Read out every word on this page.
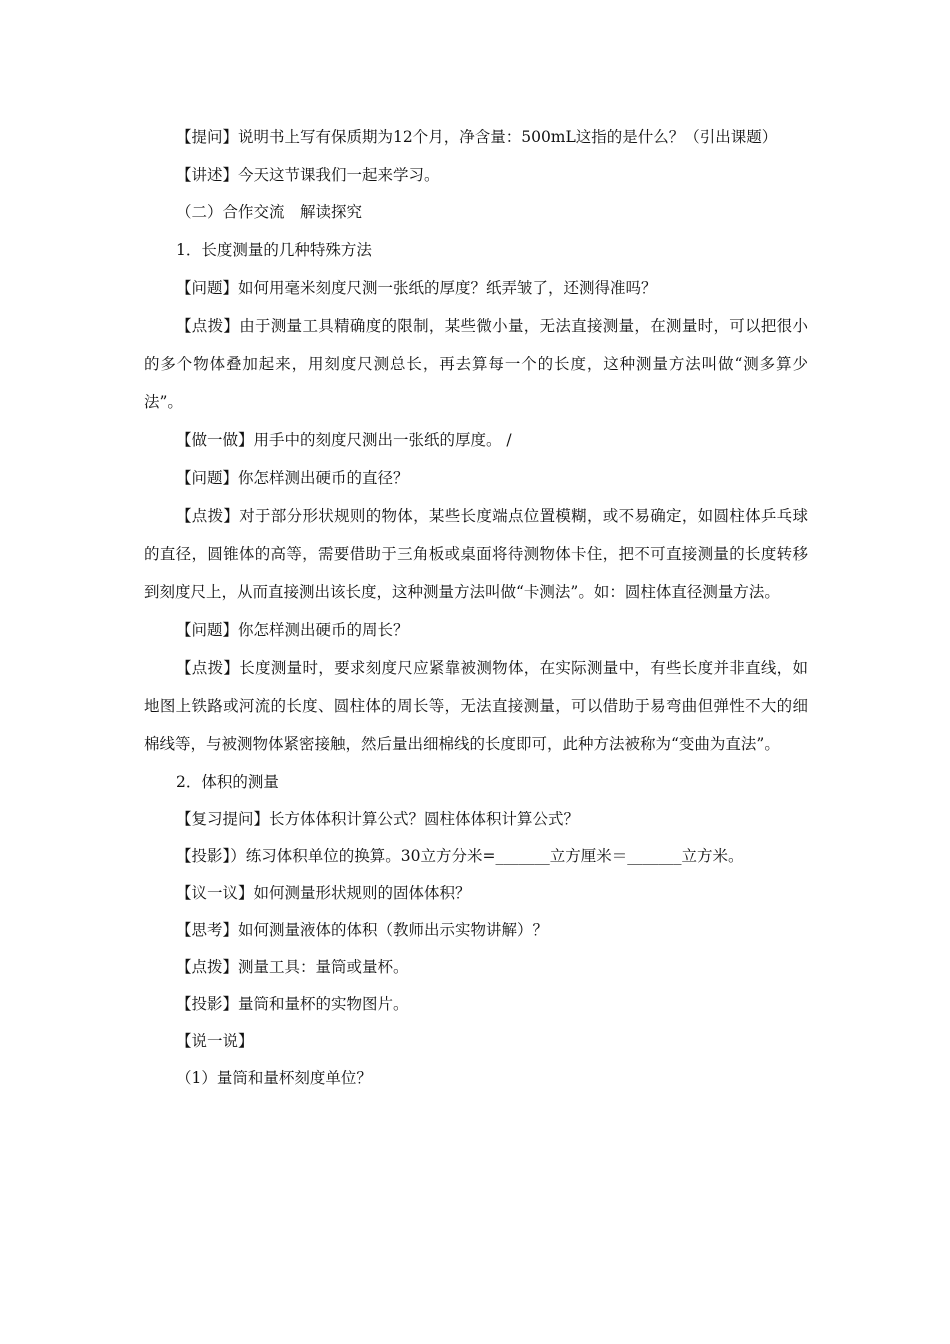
【提问】说明书上写有保质期为12个月，净含量：500mL这指的是什么？（引出课题）

【讲述】今天这节课我们一起来学习。

（二）合作交流　解读探究

1．长度测量的几种特殊方法

【问题】如何用毫米刻度尺测一张纸的厚度？纸弄皱了，还测得准吗？

【点拨】由于测量工具精确度的限制，某些微小量，无法直接测量，在测量时，可以把很小的多个物体叠加起来，用刻度尺测总长，再去算每一个的长度，这种测量方法叫做“测多算少法”。

【做一做】用手中的刻度尺测出一张纸的厚度。 /

【问题】你怎样测出硬币的直径？

【点拨】对于部分形状规则的物体，某些长度端点位置模糊，或不易确定，如圆柱体乒乓球的直径，圆锥体的高等，需要借助于三角板或桌面将待测物体卡住，把不可直接测量的长度转移到刻度尺上，从而直接测出该长度，这种测量方法叫做“卡测法”。如：圆柱体直径测量方法。

【问题】你怎样测出硬币的周长？

【点拨】长度测量时，要求刻度尺应紧靠被测物体，在实际测量中，有些长度并非直线，如地图上铁路或河流的长度、圆柱体的周长等，无法直接测量，可以借助于易弯曲但弹性不大的细棉线等，与被测物体紧密接触，然后量出细棉线的长度即可，此种方法被称为“变曲为直法”。

2．体积的测量

【复习提问】长方体体积计算公式？圆柱体体积计算公式？

【投影】）练习体积单位的换算。30立方分米=_______立方厘米＝_______立方米。

【议一议】如何测量形状规则的固体体积？

【思考】如何测量液体的体积（教师出示实物讲解）？

【点拨】测量工具：量筒或量杯。

【投影】量筒和量杯的实物图片。

【说一说】

（1）量筒和量杯刻度单位？
